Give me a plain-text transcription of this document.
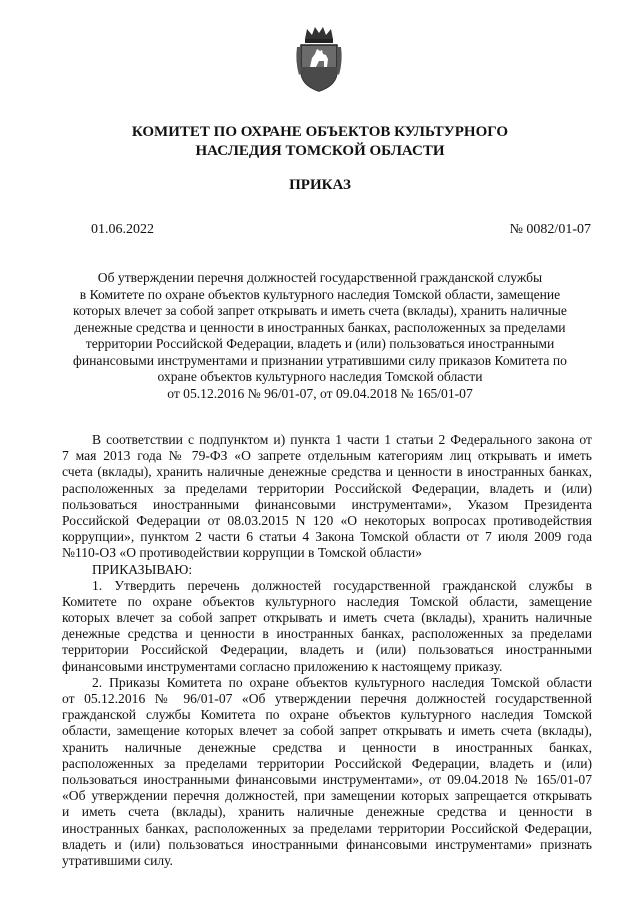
КОМИТЕТ ПО ОХРАНЕ ОБЪЕКТОВ КУЛЬТУРНОГО
НАСЛЕДИЯ ТОМСКОЙ ОБЛАСТИ
ПРИКАЗ
01.06.2022	№ 0082/01-07
Об утверждении перечня должностей государственной гражданской службы
в Комитете по охране объектов культурного наследия Томской области, замещение
которых влечет за собой запрет открывать и иметь счета (вклады), хранить наличные
денежные средства и ценности в иностранных банках, расположенных за пределами
территории Российской Федерации, владеть и (или) пользоваться иностранными
финансовыми инструментами и признании утратившими силу приказов Комитета по
охране объектов культурного наследия Томской области
от 05.12.2016 № 96/01-07, от 09.04.2018 № 165/01-07
В соответствии с подпунктом и) пункта 1 части 1 статьи 2 Федерального закона от
7 мая 2013 года № 79-ФЗ «О запрете отдельным категориям лиц открывать и иметь
счета (вклады), хранить наличные денежные средства и ценности в иностранных банках,
расположенных за пределами территории Российской Федерации, владеть и (или)
пользоваться иностранными финансовыми инструментами», Указом Президента
Российской Федерации от 08.03.2015 N 120 «О некоторых вопросах противодействия
коррупции», пунктом 2 части 6 статьи 4 Закона Томской области от 7 июля 2009 года
№110-ОЗ «О противодействии коррупции в Томской области»
ПРИКАЗЫВАЮ:
1. Утвердить перечень должностей государственной гражданской службы в
Комитете по охране объектов культурного наследия Томской области, замещение
которых влечет за собой запрет открывать и иметь счета (вклады), хранить наличные
денежные средства и ценности в иностранных банках, расположенных за пределами
территории Российской Федерации, владеть и (или) пользоваться иностранными
финансовыми инструментами согласно приложению к настоящему приказу.
2. Приказы Комитета по охране объектов культурного наследия Томской области
от 05.12.2016 № 96/01-07 «Об утверждении перечня должностей государственной
гражданской службы Комитета по охране объектов культурного наследия Томской
области, замещение которых влечет за собой запрет открывать и иметь счета (вклады),
хранить наличные денежные средства и ценности в иностранных банках,
расположенных за пределами территории Российской Федерации, владеть и (или)
пользоваться иностранными финансовыми инструментами», от 09.04.2018 № 165/01-07
«Об утверждении перечня должностей, при замещении которых запрещается открывать
и иметь счета (вклады), хранить наличные денежные средства и ценности в
иностранных банках, расположенных за пределами территории Российской Федерации,
владеть и (или) пользоваться иностранными финансовыми инструментами» признать
утратившими силу.
